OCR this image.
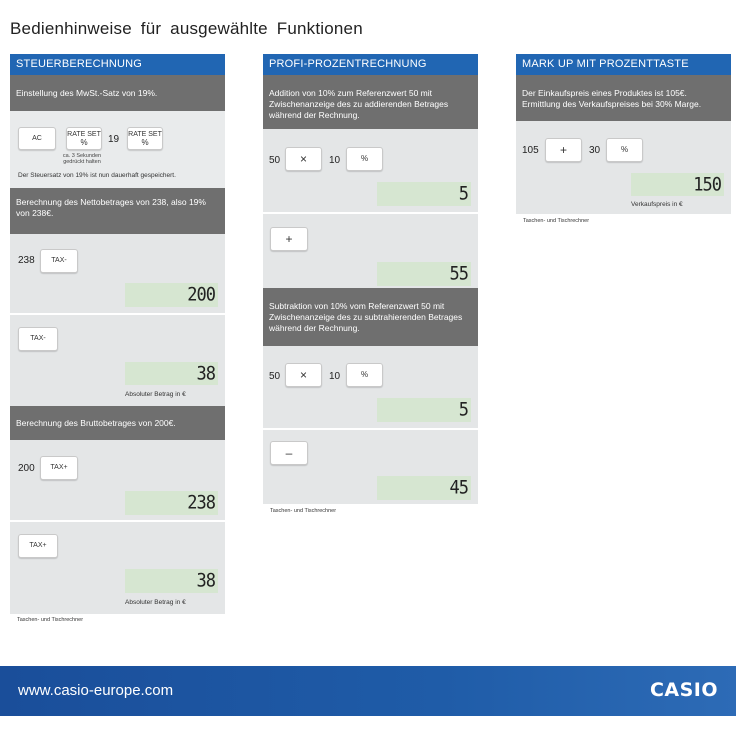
Bedienhinweise für ausgewählte Funktionen
STEUERBERECHNUNG
Einstellung des MwSt.-Satz von 19%.
AC
RATE SET
% 19 RATE SET
%
ca. 3 Sekunden gedrückt halten
Der Steuersatz von 19% ist nun dauerhaft gespeichert.
Berechnung des Nettobetrages von 238, also 19% von 238€.
238	TAX-
200
TAX-
38
Absoluter Betrag in €
Berechnung des Bruttobetrages von 200€.
200	TAX+
238
TAX+
38
Absoluter Betrag in €
Taschen- und Tischrechner
PROFI-PROZENTRECHNUNG
Addition von 10% zum Referenzwert 50 mit Zwischenanzeige des zu addierenden Betrages während der Rechnung.
50	×	10	%
5
+
55
Subtraktion von 10% vom Referenzwert 50 mit Zwischenanzeige des zu subtrahierenden Betrages während der Rechnung.
50	×	10	%
5
–
45
Taschen- und Tischrechner
MARK UP MIT PROZENTTASTE
Der Einkaufspreis eines Produktes ist 105€. Ermittlung des Verkaufspreises bei 30% Marge.
105	+	30	%
150
Verkaufspreis in €
Taschen- und Tischrechner
www.casio-europe.com	CASIO
